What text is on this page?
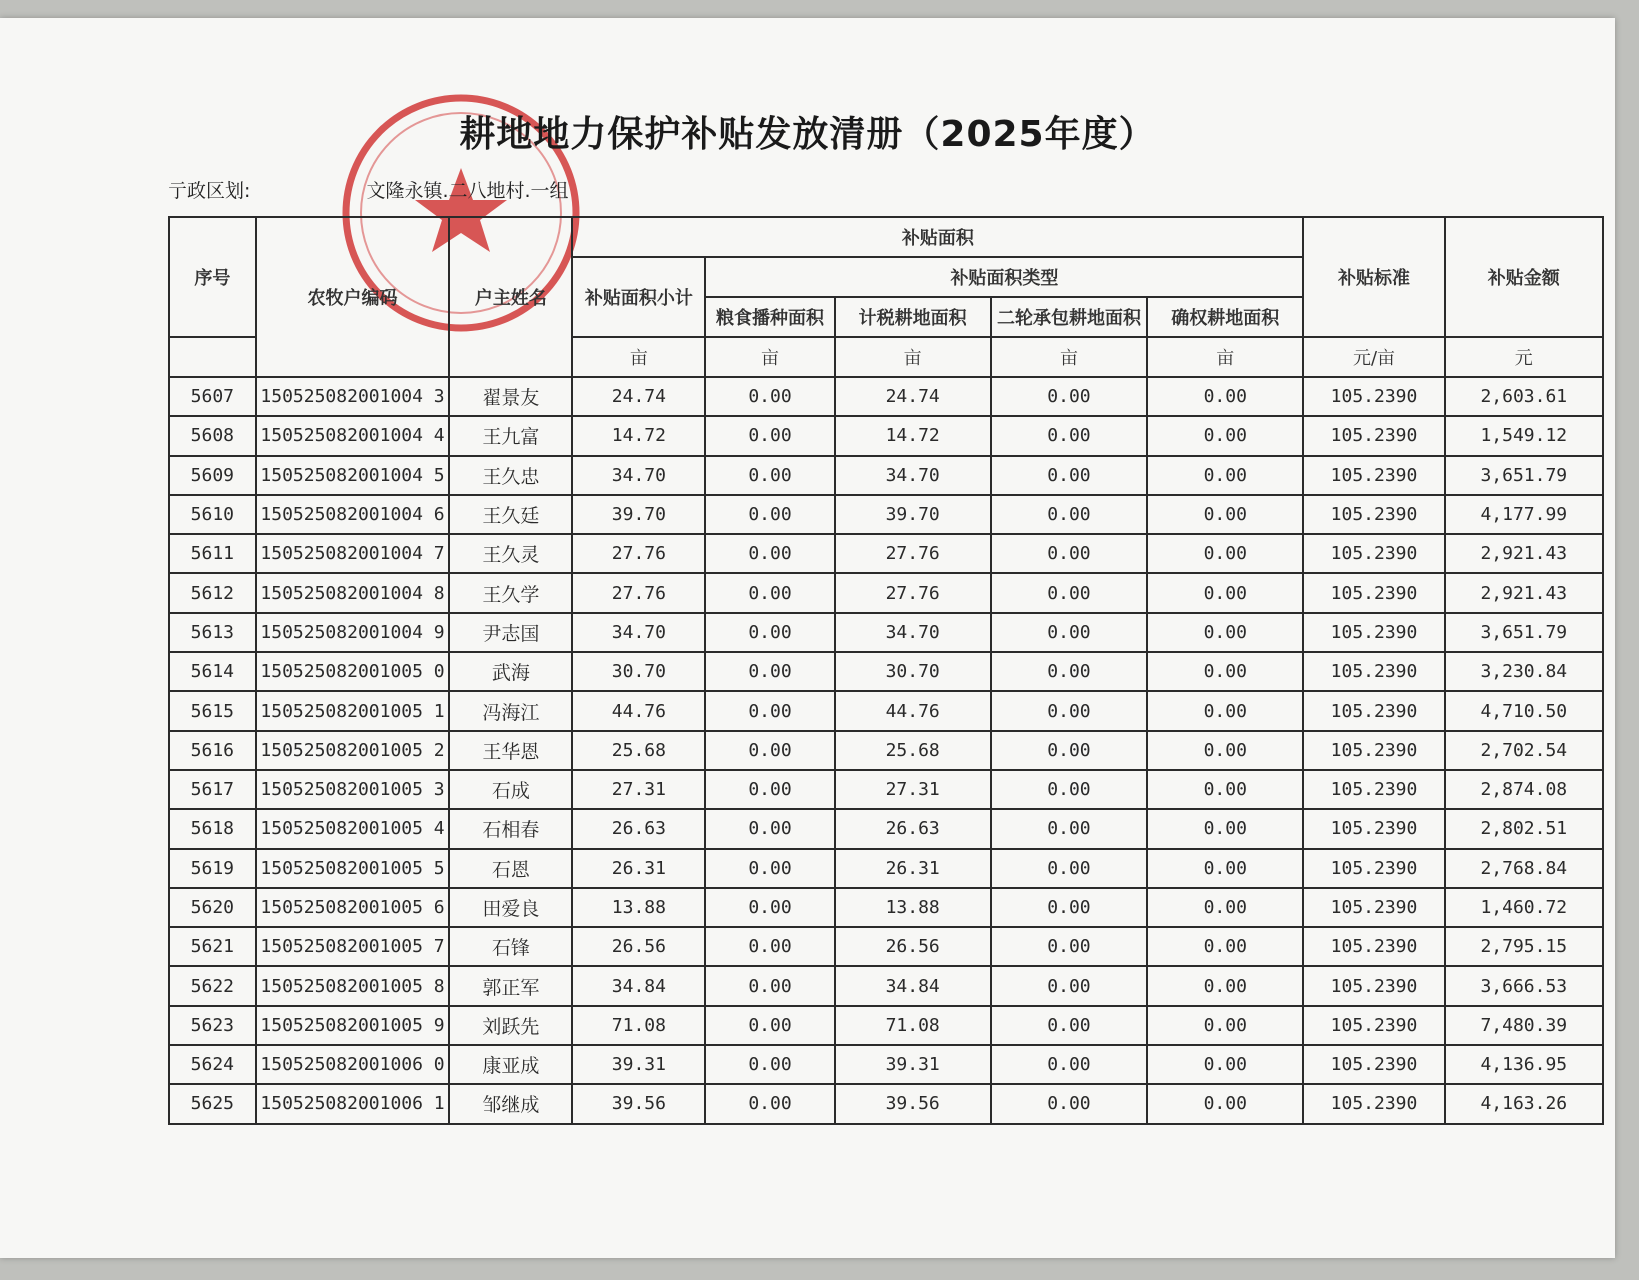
耕地地力保护补贴发放清册（2025年度）
亍政区划:	文隆永镇.二八地村.一组
序号	农牧户编码	户主姓名	补贴面积					补贴标准	补贴金额
			补贴面积小计	补贴面积类型					
				粮食播种面积	计税耕地面积	二轮承包耕地面积	确权耕地面积		
			亩	亩	亩	亩	亩	元/亩	元
5607	150525082001004 3	翟景友	24.74	0.00	24.74	0.00	0.00	105.2390	2,603.61
5608	150525082001004 4	王九富	14.72	0.00	14.72	0.00	0.00	105.2390	1,549.12
5609	150525082001004 5	王久忠	34.70	0.00	34.70	0.00	0.00	105.2390	3,651.79
5610	150525082001004 6	王久廷	39.70	0.00	39.70	0.00	0.00	105.2390	4,177.99
5611	150525082001004 7	王久灵	27.76	0.00	27.76	0.00	0.00	105.2390	2,921.43
5612	150525082001004 8	王久学	27.76	0.00	27.76	0.00	0.00	105.2390	2,921.43
5613	150525082001004 9	尹志国	34.70	0.00	34.70	0.00	0.00	105.2390	3,651.79
5614	150525082001005 0	武海	30.70	0.00	30.70	0.00	0.00	105.2390	3,230.84
5615	150525082001005 1	冯海江	44.76	0.00	44.76	0.00	0.00	105.2390	4,710.50
5616	150525082001005 2	王华恩	25.68	0.00	25.68	0.00	0.00	105.2390	2,702.54
5617	150525082001005 3	石成	27.31	0.00	27.31	0.00	0.00	105.2390	2,874.08
5618	150525082001005 4	石相春	26.63	0.00	26.63	0.00	0.00	105.2390	2,802.51
5619	150525082001005 5	石恩	26.31	0.00	26.31	0.00	0.00	105.2390	2,768.84
5620	150525082001005 6	田爱良	13.88	0.00	13.88	0.00	0.00	105.2390	1,460.72
5621	150525082001005 7	石锋	26.56	0.00	26.56	0.00	0.00	105.2390	2,795.15
5622	150525082001005 8	郭正军	34.84	0.00	34.84	0.00	0.00	105.2390	3,666.53
5623	150525082001005 9	刘跃先	71.08	0.00	71.08	0.00	0.00	105.2390	7,480.39
5624	150525082001006 0	康亚成	39.31	0.00	39.31	0.00	0.00	105.2390	4,136.95
5625	150525082001006 1	邹继成	39.56	0.00	39.56	0.00	0.00	105.2390	4,163.26
